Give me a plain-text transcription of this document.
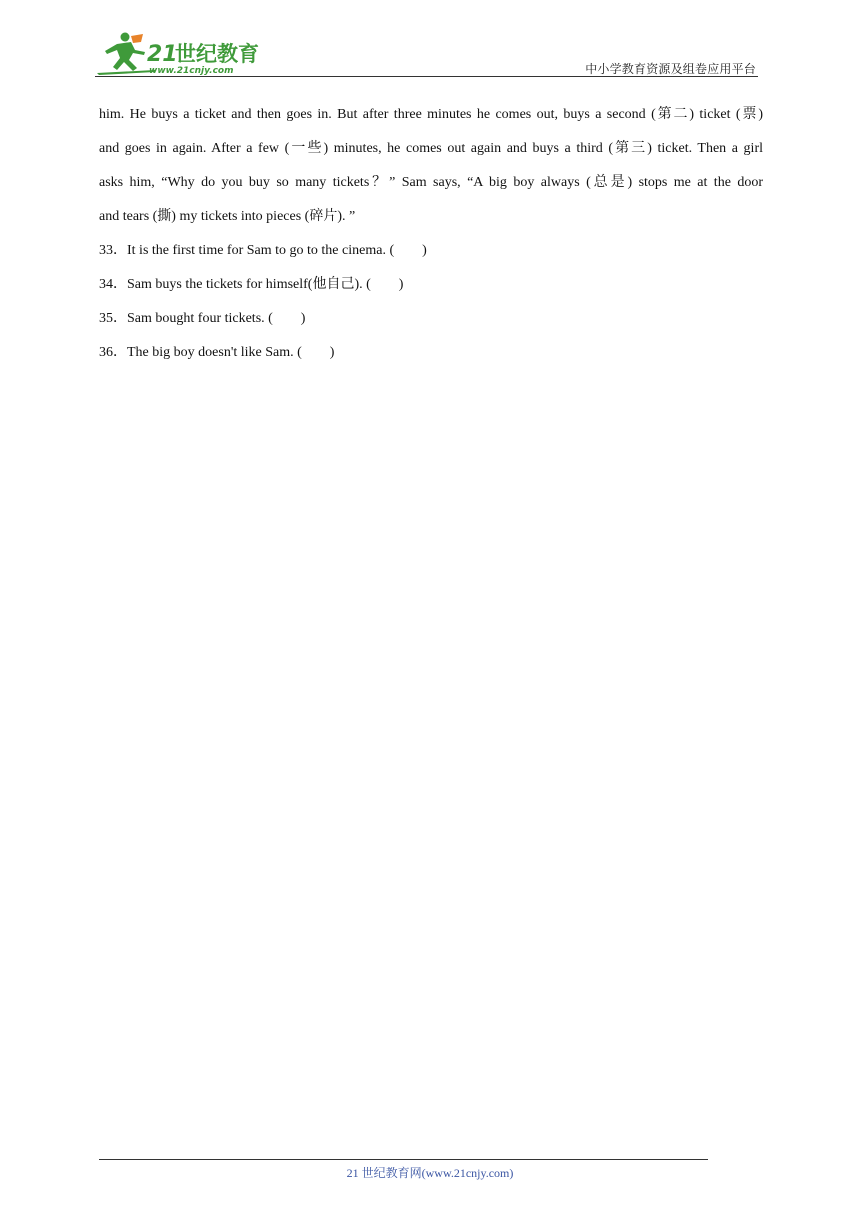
21
世纪教育
www.21cnjy.com	中小学教育资源及组卷应用平台

him. He buys a ticket and then goes in. But after three minutes he comes out, buys a second (第二) ticket (票)

and goes in again. After a few (一些) minutes, he comes out again and buys a third (第三) ticket. Then a girl

asks him, “Why do you buy so many tickets？” Sam says, “A big boy always (总是) stops me at the door

and tears (撕) my tickets into pieces (碎片). ”

33．It is the first time for Sam to go to the cinema. (        )
34．Sam buys the tickets for himself(他自己). (        )
35．Sam bought four tickets. (        )
36．The big boy doesn't like Sam. (        )
21 世纪教育网(www.21cnjy.com)
